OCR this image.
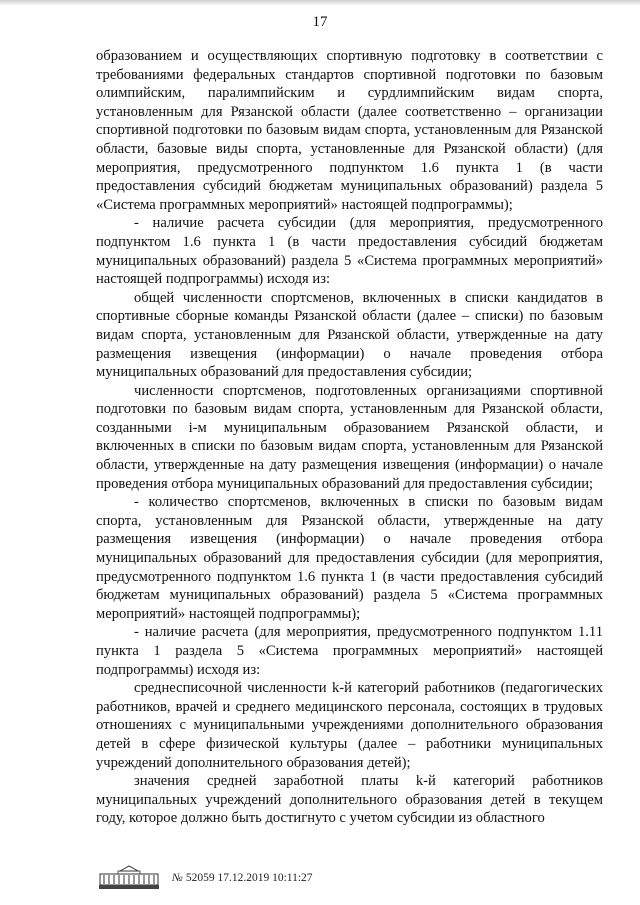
17

образованием и осуществляющих спортивную подготовку в соответствии с требованиями федеральных стандартов спортивной подготовки по базовым олимпийским, паралимпийским и сурдлимпийским видам спорта, установленным для Рязанской области (далее соответственно – организации спортивной подготовки по базовым видам спорта, установленным для Рязанской области, базовые виды спорта, установленные для Рязанской области) (для мероприятия, предусмотренного подпунктом 1.6 пункта 1 (в части предоставления субсидий бюджетам муниципальных образований) раздела 5 «Система программных мероприятий» настоящей подпрограммы);

- наличие расчета субсидии (для мероприятия, предусмотренного подпунктом 1.6 пункта 1 (в части предоставления субсидий бюджетам муниципальных образований) раздела 5 «Система программных мероприятий» настоящей подпрограммы) исходя из:

общей численности спортсменов, включенных в списки кандидатов в спортивные сборные команды Рязанской области (далее – списки) по базовым видам спорта, установленным для Рязанской области, утвержденные на дату размещения извещения (информации) о начале проведения отбора муниципальных образований для предоставления субсидии;

численности спортсменов, подготовленных организациями спортивной подготовки по базовым видам спорта, установленным для Рязанской области, созданными i-м муниципальным образованием Рязанской области, и включенных в списки по базовым видам спорта, установленным для Рязанской области, утвержденные на дату размещения извещения (информации) о начале проведения отбора муниципальных образований для предоставления субсидии;

- количество спортсменов, включенных в списки по базовым видам спорта, установленным для Рязанской области, утвержденные на дату размещения извещения (информации) о начале проведения отбора муниципальных образований для предоставления субсидии (для мероприятия, предусмотренного подпунктом 1.6 пункта 1 (в части предоставления субсидий бюджетам муниципальных образований) раздела 5 «Система программных мероприятий» настоящей подпрограммы);

- наличие расчета (для мероприятия, предусмотренного подпунктом 1.11 пункта 1 раздела 5 «Система программных мероприятий» настоящей подпрограммы) исходя из:

среднесписочной численности k-й категорий работников (педагогических работников, врачей и среднего медицинского персонала, состоящих в трудовых отношениях с муниципальными учреждениями дополнительного образования детей в сфере физической культуры (далее – работники муниципальных учреждений дополнительного образования детей);

значения средней заработной платы k-й категорий работников муниципальных учреждений дополнительного образования детей в текущем году, которое должно быть достигнуто с учетом субсидии из областного

№ 52059 17.12.2019 10:11:27
